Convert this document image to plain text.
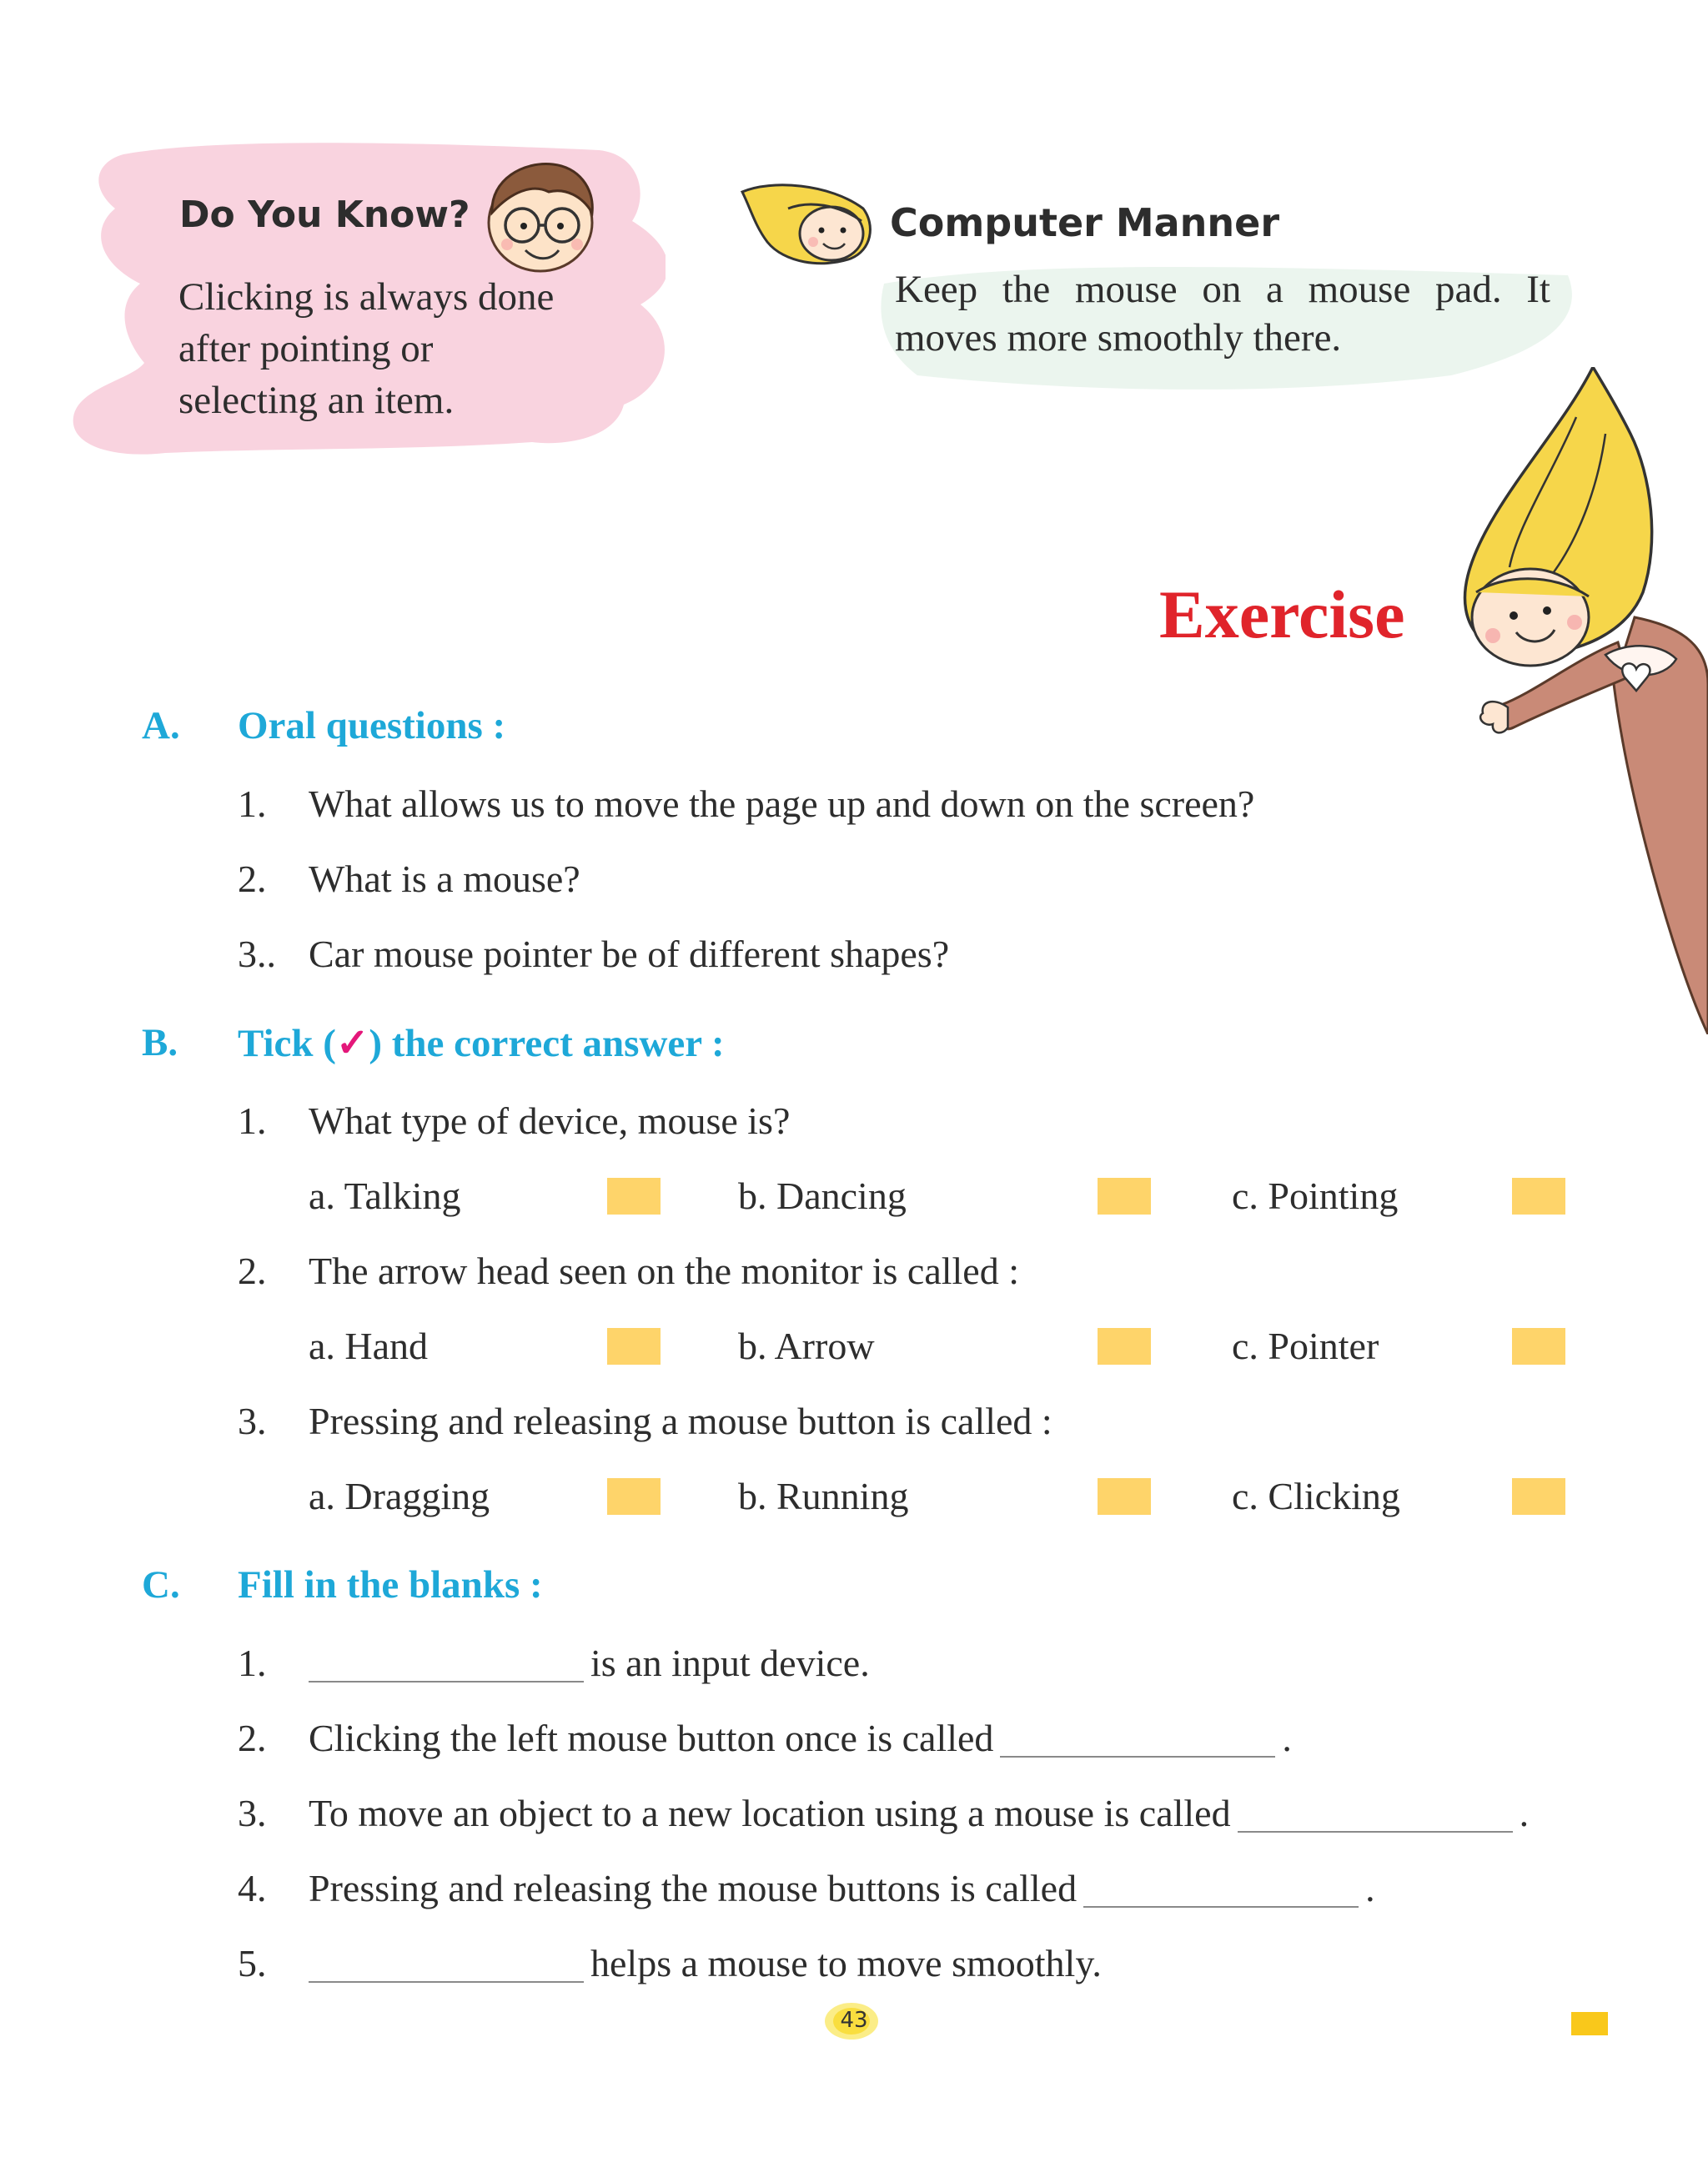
Do You Know?
Clicking is always done
after pointing or
selecting an item.
Computer Manner
Keep the mouse on a mouse pad. It moves more smoothly there.
Exercise
A. Oral questions :
1. What allows us to move the page up and down on the screen?
2. What is a mouse?
3.. Car mouse pointer be of different shapes?
B. Tick (✓) the correct answer :
1. What type of device, mouse is?
a. Talking	b. Dancing	c. Pointing
2. The arrow head seen on the monitor is called :
a. Hand	b. Arrow	c. Pointer
3. Pressing and releasing a mouse button is called :
a. Dragging	b. Running	c. Clicking
C. Fill in the blanks :
1.	is an input device.
2. Clicking the left mouse button once is called	.
3. To move an object to a new location using a mouse is called	.
4. Pressing and releasing the mouse buttons is called	.
5.	helps a mouse to move smoothly.
43
